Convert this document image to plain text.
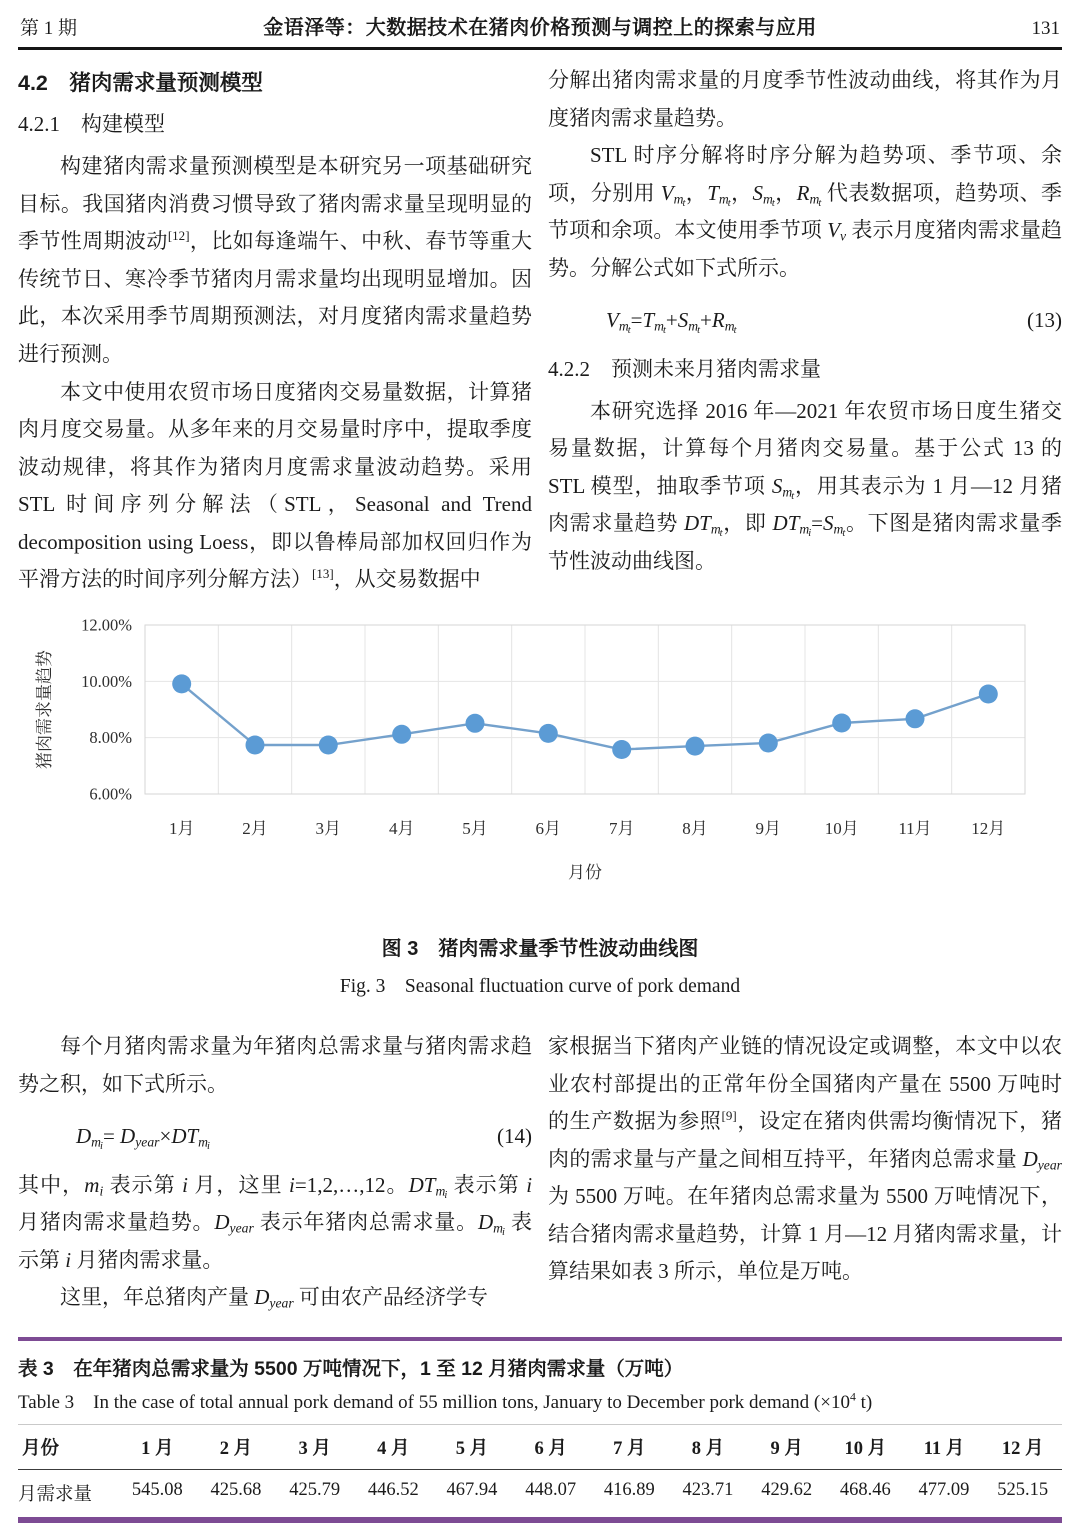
第 1 期	金语泽等：大数据技术在猪肉价格预测与调控上的探索与应用	131
4.2　猪肉需求量预测模型
4.2.1　构建模型

构建猪肉需求量预测模型是本研究另一项基础研究目标。我国猪肉消费习惯导致了猪肉需求量呈现明显的季节性周期波动[12]，比如每逢端午、中秋、春节等重大传统节日、寒冷季节猪肉月需求量均出现明显增加。因此，本次采用季节周期预测法，对月度猪肉需求量趋势进行预测。

本文中使用农贸市场日度猪肉交易量数据，计算猪肉月度交易量。从多年来的月交易量时序中，提取季度波动规律，将其作为猪肉月度需求量波动趋势。采用 STL 时间序列分解法（STL，Seasonal and Trend decomposition using Loess，即以鲁棒局部加权回归作为平滑方法的时间序列分解方法）[13]，从交易数据中

分解出猪肉需求量的月度季节性波动曲线，将其作为月度猪肉需求量趋势。

STL 时序分解将时序分解为趋势项、季节项、余项，分别用 $V_{mt}$，$T_{mt}$，$S_{mt}$，$R_{mt}$ 代表数据项，趋势项、季节项和余项。本文使用季节项 $V_v$ 表示月度猪肉需求量趋势。分解公式如下式所示。

$V_{mt}=T_{mt}+S_{mt}+R_{mt}$	(13)
4.2.2　预测未来月猪肉需求量

本研究选择 2016 年—2021 年农贸市场日度生猪交易量数据，计算每个月猪肉交易量。基于公式 13 的 STL 模型，抽取季节项 $S_{mt}$，用其表示为 1 月—12 月猪肉需求量趋势 $DT_{mt}$，即 $DT_{mi}=S_{mt}$。下图是猪肉需求量季节性波动曲线图。

6.00%
8.00%
10.00%
12.00%
1月	2月	3月	4月	5月	6月	7月	8月	9月	10月 11月 12月
月份
猪肉需求量趋势
图 3　猪肉需求量季节性波动曲线图
Fig. 3　Seasonal fluctuation curve of pork demand

每个月猪肉需求量为年猪肉总需求量与猪肉需求趋势之积，如下式所示。

$D_{mi}= D_{year}\times DT_{mi}$	(14)

其中，$m_i$ 表示第 i 月，这里 i=1,2,…,12。$DT_{mi}$ 表示第 i 月猪肉需求量趋势。$D_{year}$ 表示年猪肉总需求量。$D_{mi}$ 表示第 i 月猪肉需求量。

这里，年总猪肉产量 $D_{year}$ 可由农产品经济学专

家根据当下猪肉产业链的情况设定或调整，本文中以农业农村部提出的正常年份全国猪肉产量在 5500 万吨时的生产数据为参照[9]，设定在猪肉供需均衡情况下，猪肉的需求量与产量之间相互持平，年猪肉总需求量 $D_{year}$ 为 5500 万吨。在年猪肉总需求量为 5500 万吨情况下，结合猪肉需求量趋势，计算 1 月—12 月猪肉需求量，计算结果如表 3 所示，单位是万吨。

表 3　在年猪肉总需求量为 5500 万吨情况下，1 至 12 月猪肉需求量（万吨）
Table 3　In the case of total annual pork demand of 55 million tons, January to December pork demand (×10$^4$ t)
月份	1 月	2 月	3 月	4 月	5 月	6 月	7 月	8 月	9 月	10 月	11 月	12 月
月需求量	545.08	425.68	425.79	446.52	467.94	448.07	416.89	423.71	429.62	468.46	477.09	525.15
